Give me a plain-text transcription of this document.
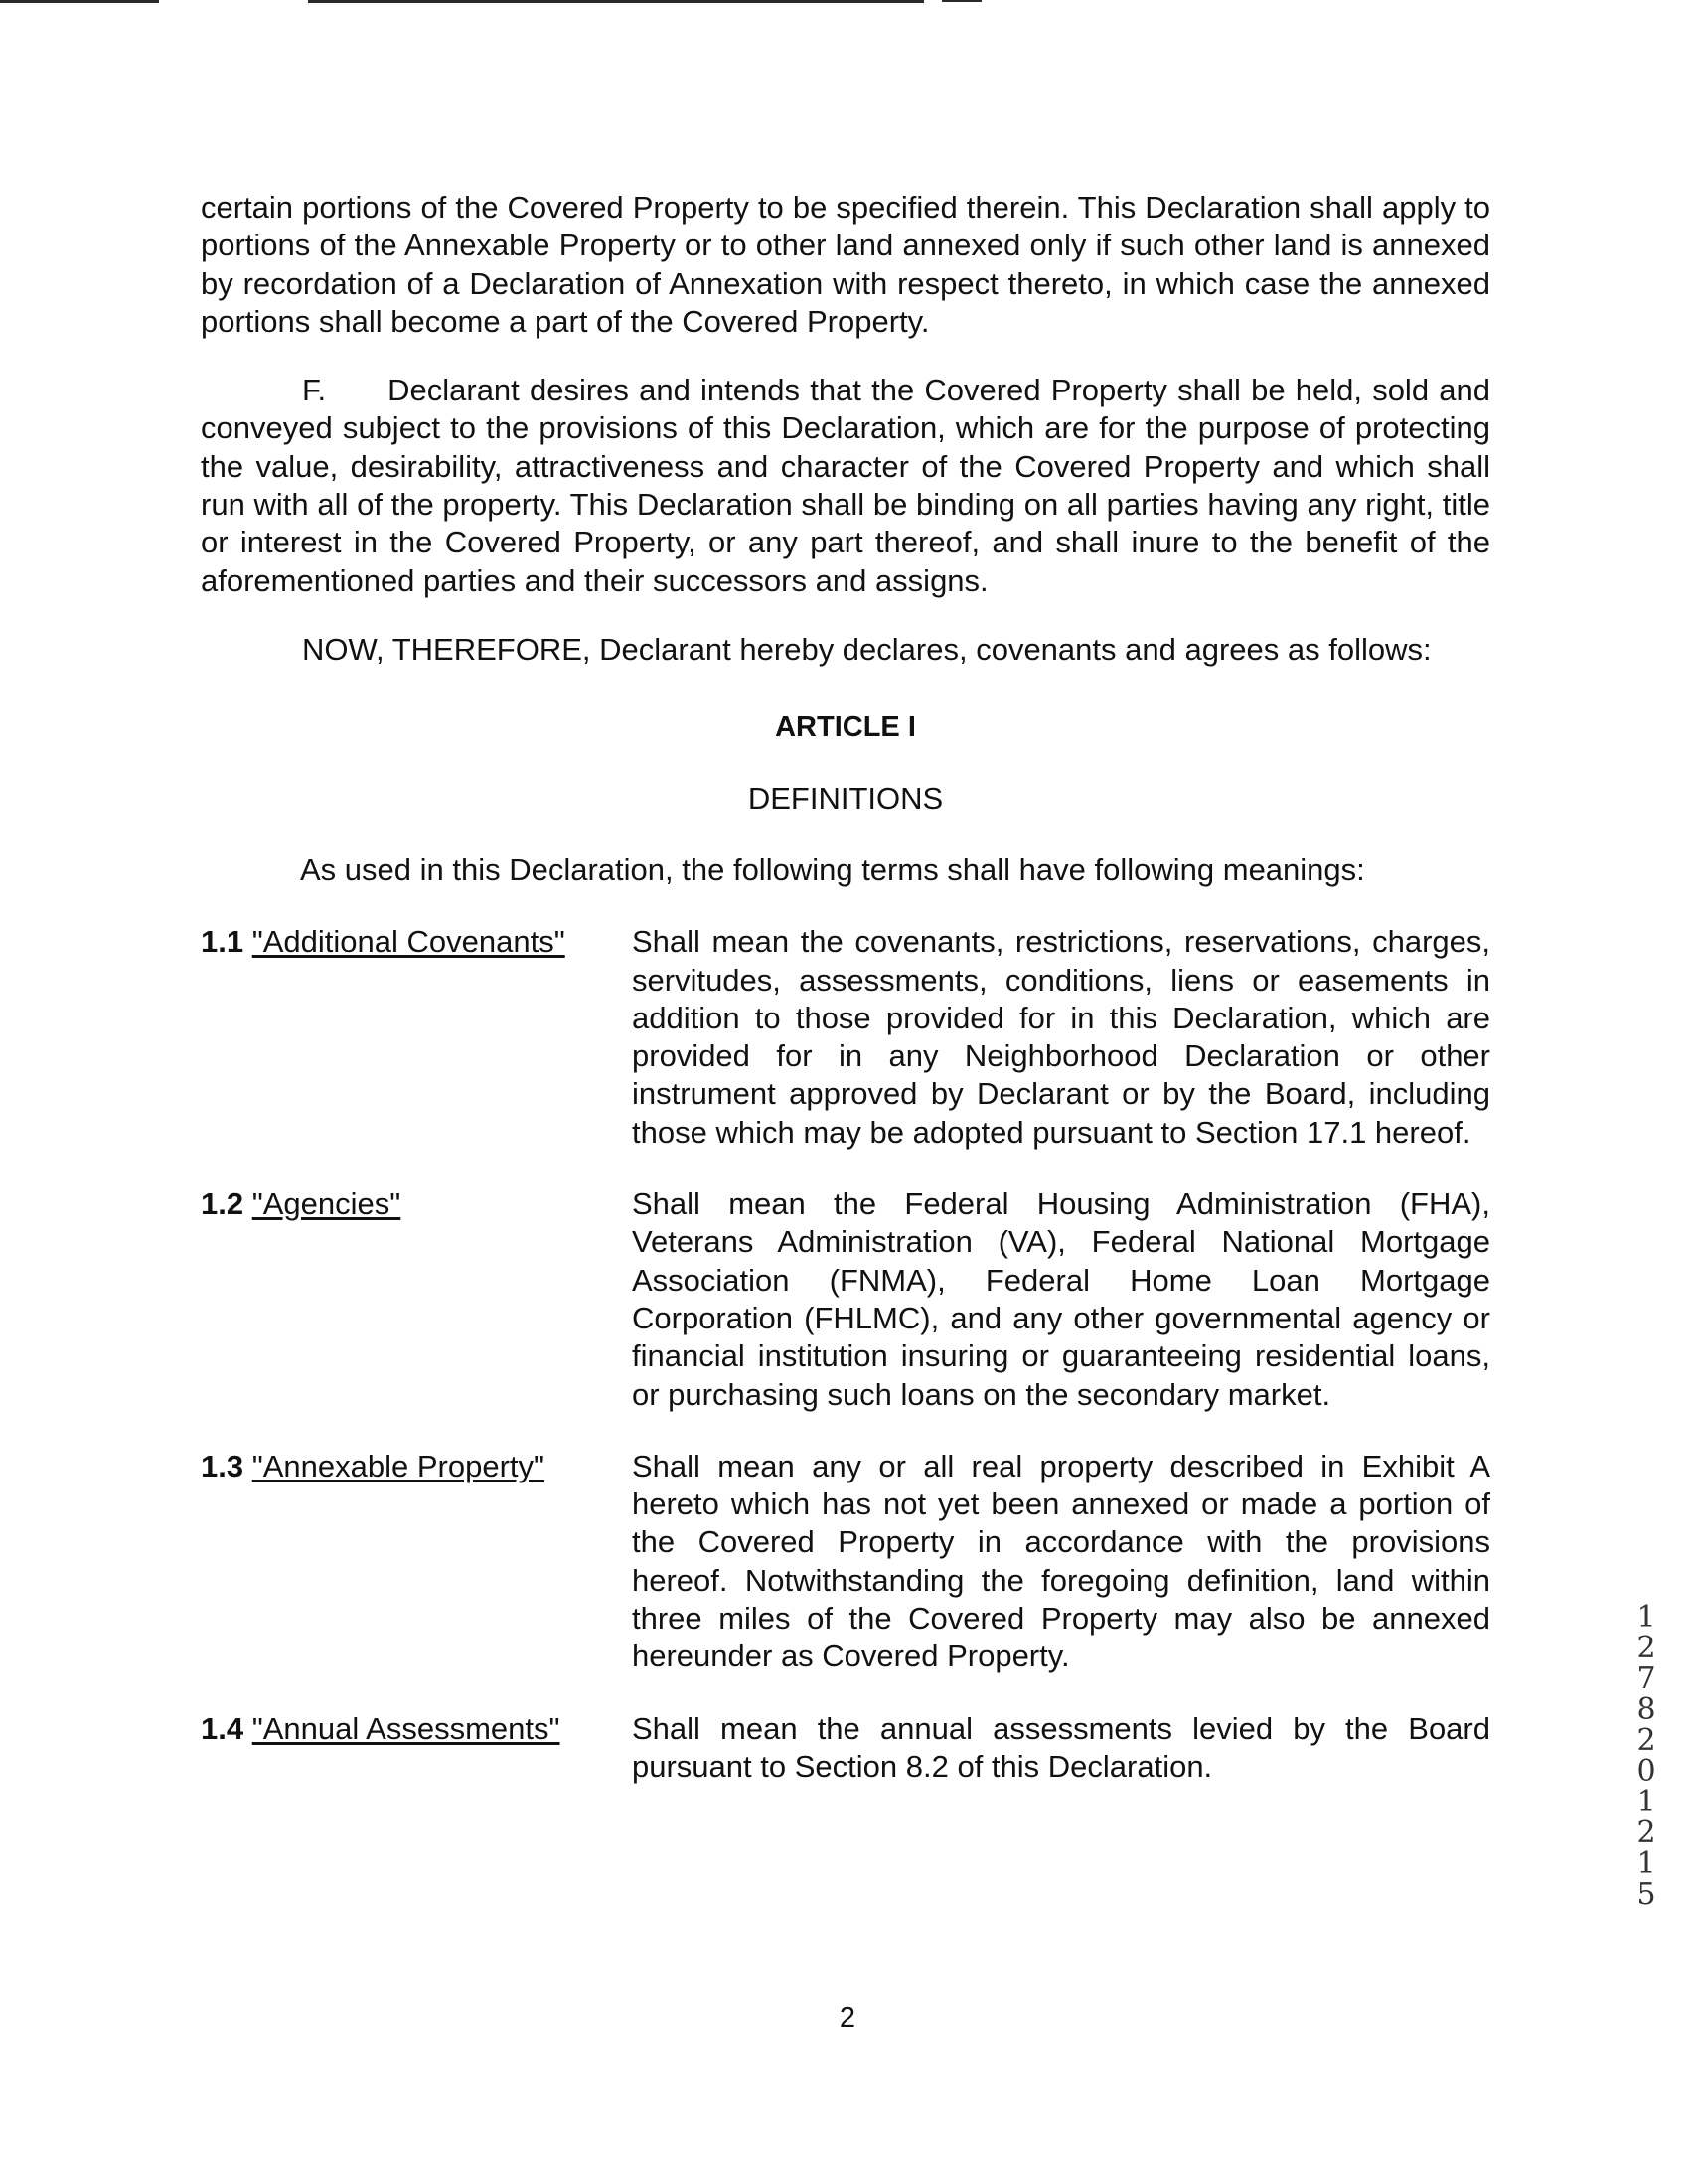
certain portions of the Covered Property to be specified therein. This Declaration shall apply to portions of the Annexable Property or to other land annexed only if such other land is annexed by recordation of a Declaration of Annexation with respect thereto, in which case the annexed portions shall become a part of the Covered Property.

F.  Declarant desires and intends that the Covered Property shall be held, sold and conveyed subject to the provisions of this Declaration, which are for the purpose of protecting the value, desirability, attractiveness and character of the Covered Property and which shall run with all of the property. This Declaration shall be binding on all parties having any right, title or interest in the Covered Property, or any part thereof, and shall inure to the benefit of the aforementioned parties and their successors and assigns.

NOW, THEREFORE, Declarant hereby declares, covenants and agrees as follows:

ARTICLE I
DEFINITIONS
As used in this Declaration, the following terms shall have following meanings:
1.1 "Additional Covenants"	Shall mean the covenants, restrictions, reservations, charges, servitudes, assessments, conditions, liens or easements in addition to those provided for in this Declaration, which are provided for in any Neighborhood Declaration or other instrument approved by Declarant or by the Board, including those which may be adopted pursuant to Section 17.1 hereof.
1.2 "Agencies"	Shall mean the Federal Housing Administration (FHA), Veterans Administration (VA), Federal National Mortgage Association (FNMA), Federal Home Loan Mortgage Corporation (FHLMC), and any other governmental agency or financial institution insuring or guaranteeing residential loans, or purchasing such loans on the secondary market.
1.3 "Annexable Property"	Shall mean any or all real property described in Exhibit A hereto which has not yet been annexed or made a portion of the Covered Property in accordance with the provisions hereof. Notwithstanding the foregoing definition, land within three miles of the Covered Property may also be annexed hereunder as Covered Property.
1.4 "Annual Assessments"	Shall mean the annual assessments levied by the Board pursuant to Section 8.2 of this Declaration.
2
12782 01215
